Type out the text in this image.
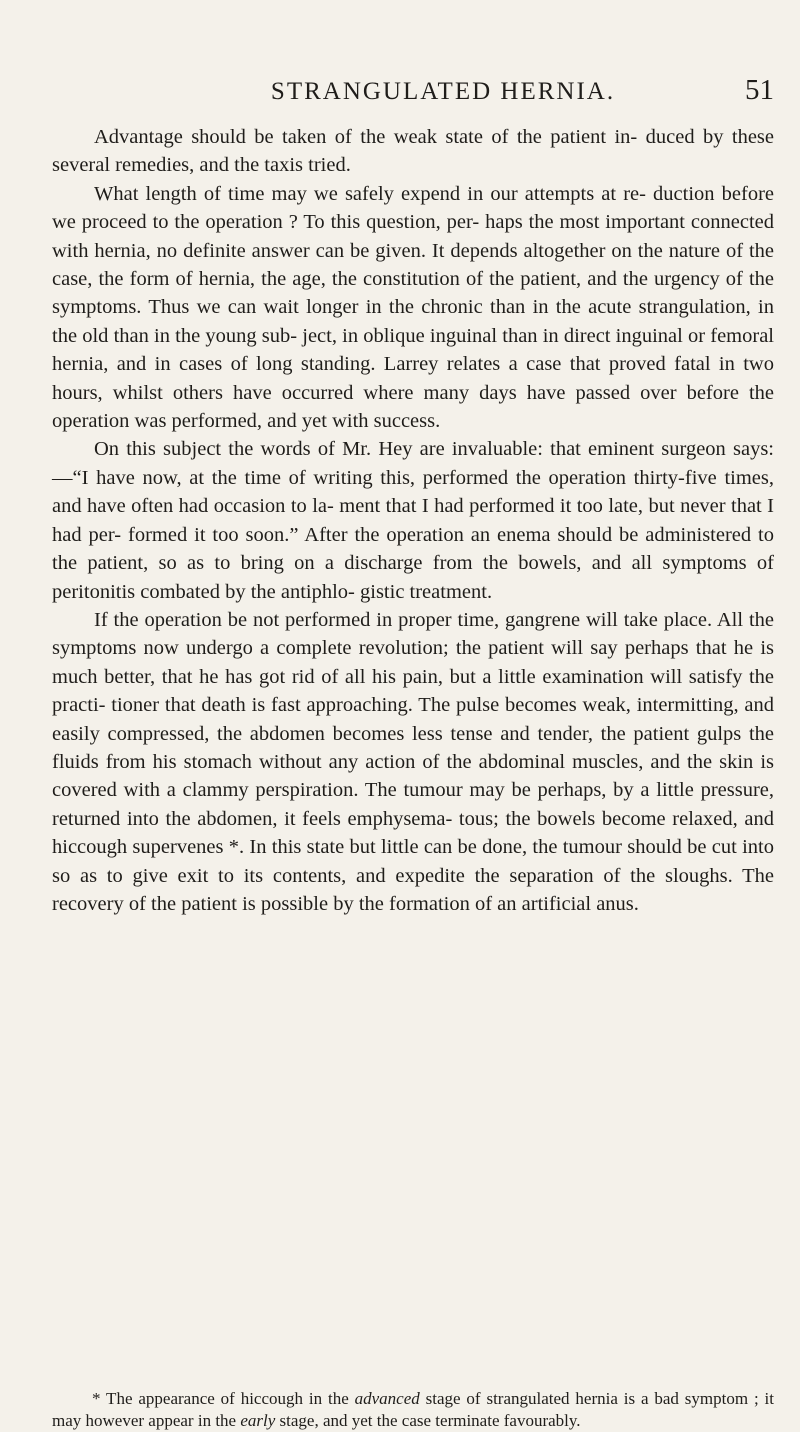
STRANGULATED HERNIA.	51

Advantage should be taken of the weak state of the patient in- duced by these several remedies, and the taxis tried.

What length of time may we safely expend in our attempts at re- duction before we proceed to the operation ? To this question, per- haps the most important connected with hernia, no definite answer can be given. It depends altogether on the nature of the case, the form of hernia, the age, the constitution of the patient, and the urgency of the symptoms. Thus we can wait longer in the chronic than in the acute strangulation, in the old than in the young sub- ject, in oblique inguinal than in direct inguinal or femoral hernia, and in cases of long standing. Larrey relates a case that proved fatal in two hours, whilst others have occurred where many days have passed over before the operation was performed, and yet with success.

On this subject the words of Mr. Hey are invaluable: that eminent surgeon says:—“I have now, at the time of writing this, performed the operation thirty-five times, and have often had occasion to la- ment that I had performed it too late, but never that I had per- formed it too soon.” After the operation an enema should be administered to the patient, so as to bring on a discharge from the bowels, and all symptoms of peritonitis combated by the antiphlo- gistic treatment.

If the operation be not performed in proper time, gangrene will take place. All the symptoms now undergo a complete revolution; the patient will say perhaps that he is much better, that he has got rid of all his pain, but a little examination will satisfy the practi- tioner that death is fast approaching. The pulse becomes weak, intermitting, and easily compressed, the abdomen becomes less tense and tender, the patient gulps the fluids from his stomach without any action of the abdominal muscles, and the skin is covered with a clammy perspiration. The tumour may be perhaps, by a little pressure, returned into the abdomen, it feels emphysema- tous; the bowels become relaxed, and hiccough supervenes *. In this state but little can be done, the tumour should be cut into so as to give exit to its contents, and expedite the separation of the sloughs. The recovery of the patient is possible by the formation of an artificial anus.

* The appearance of hiccough in the advanced stage of strangulated hernia is a bad symptom ; it may however appear in the early stage, and yet the case terminate favourably.
